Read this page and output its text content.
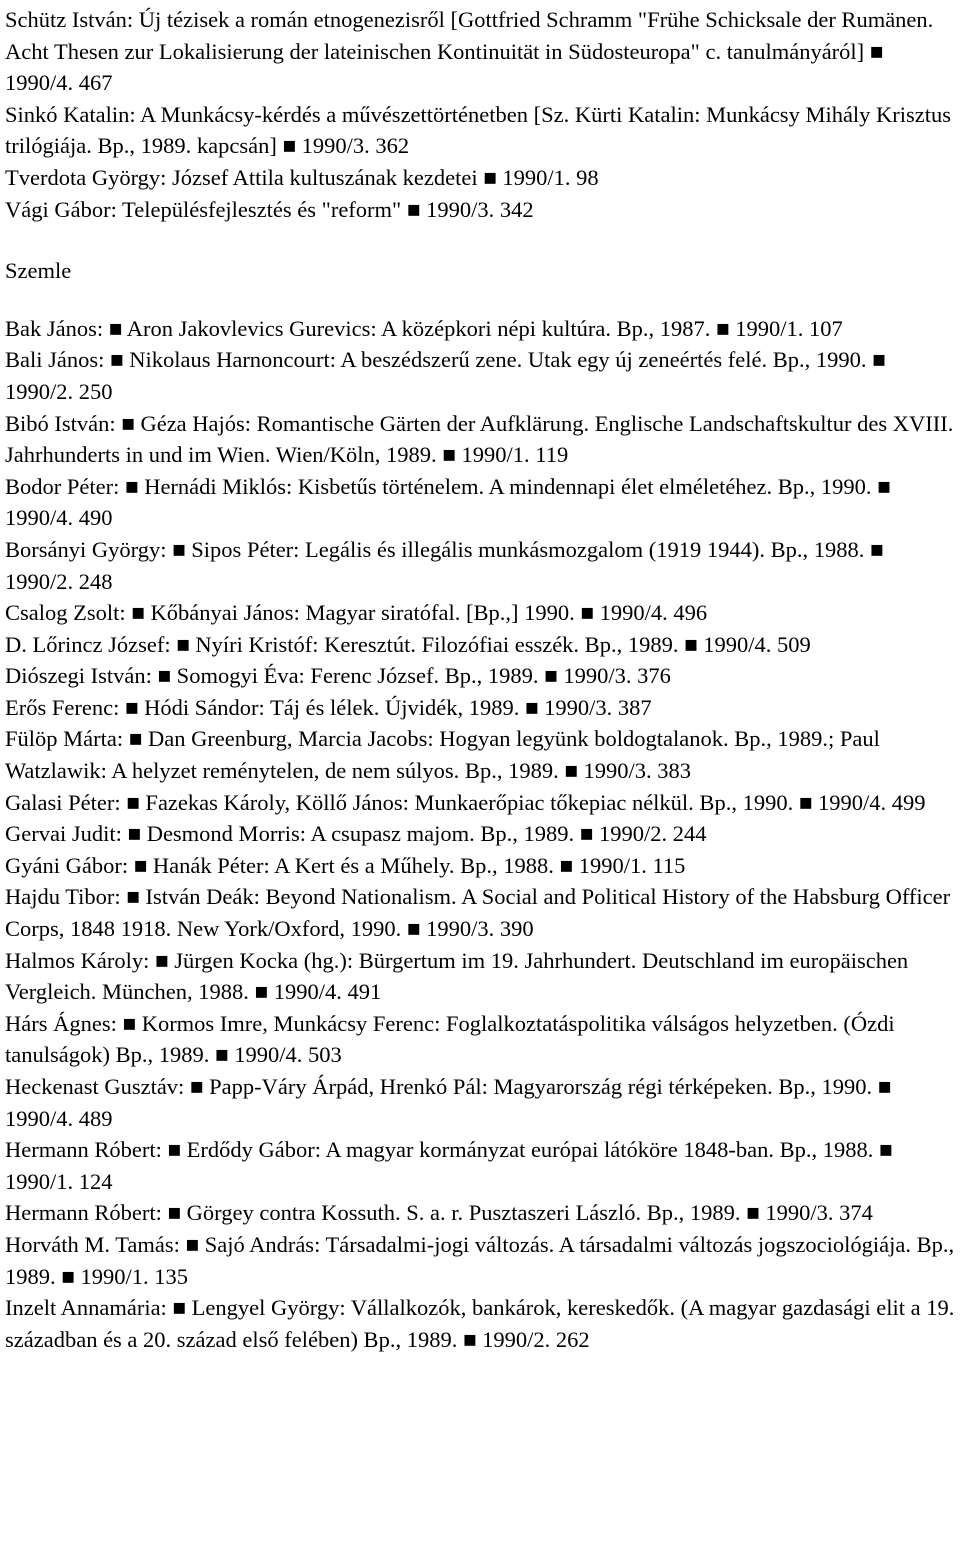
Schütz István: Új tézisek a román etnogenezisről [Gottfried Schramm "Frühe Schicksale der Rumänen. Acht Thesen zur Lokalisierung der lateinischen Kontinuität in Südosteuropa" c. tanulmányáról] ■ 1990/4. 467

Sinkó Katalin: A Munkácsy-kérdés a művészettörténetben [Sz. Kürti Katalin: Munkácsy Mihály Krisztus trilógiája. Bp., 1989. kapcsán] ■ 1990/3. 362

Tverdota György: József Attila kultuszának kezdetei ■ 1990/1. 98

Vági Gábor: Településfejlesztés és "reform" ■ 1990/3. 342

Szemle

Bak János: ■ Aron Jakovlevics Gurevics: A középkori népi kultúra. Bp., 1987. ■ 1990/1. 107

Bali János: ■ Nikolaus Harnoncourt: A beszédszerű zene. Utak egy új zeneértés felé. Bp., 1990. ■ 1990/2. 250

Bibó István: ■ Géza Hajós: Romantische Gärten der Aufklärung. Englische Landschaftskultur des XVIII. Jahrhunderts in und im Wien. Wien/Köln, 1989. ■ 1990/1. 119

Bodor Péter: ■ Hernádi Miklós: Kisbetűs történelem. A mindennapi élet elméletéhez. Bp., 1990. ■ 1990/4. 490

Borsányi György: ■ Sipos Péter: Legális és illegális munkásmozgalom (1919 1944). Bp., 1988. ■ 1990/2. 248

Csalog Zsolt: ■ Kőbányai János: Magyar siratófal. [Bp.,] 1990. ■ 1990/4. 496

D. Lőrincz József: ■ Nyíri Kristóf: Keresztút. Filozófiai esszék. Bp., 1989. ■ 1990/4. 509

Diószegi István: ■ Somogyi Éva: Ferenc József. Bp., 1989. ■ 1990/3. 376

Erős Ferenc: ■ Hódi Sándor: Táj és lélek. Újvidék, 1989. ■ 1990/3. 387

Fülöp Márta: ■ Dan Greenburg, Marcia Jacobs: Hogyan legyünk boldogtalanok. Bp., 1989.; Paul Watzlawik: A helyzet reménytelen, de nem súlyos. Bp., 1989. ■ 1990/3. 383

Galasi Péter: ■ Fazekas Károly, Köllő János: Munkaerőpiac tőkepiac nélkül. Bp., 1990. ■ 1990/4. 499

Gervai Judit: ■ Desmond Morris: A csupasz majom. Bp., 1989. ■ 1990/2. 244

Gyáni Gábor: ■ Hanák Péter: A Kert és a Műhely. Bp., 1988. ■ 1990/1. 115

Hajdu Tibor: ■ István Deák: Beyond Nationalism. A Social and Political History of the Habsburg Officer Corps, 1848 1918. New York/Oxford, 1990. ■ 1990/3. 390

Halmos Károly: ■ Jürgen Kocka (hg.): Bürgertum im 19. Jahrhundert. Deutschland im europäischen Vergleich. München, 1988. ■ 1990/4. 491

Hárs Ágnes: ■ Kormos Imre, Munkácsy Ferenc: Foglalkoztatáspolitika válságos helyzetben. (Ózdi tanulságok) Bp., 1989. ■ 1990/4. 503

Heckenast Gusztáv: ■ Papp-Váry Árpád, Hrenkó Pál: Magyarország régi térképeken. Bp., 1990. ■ 1990/4. 489

Hermann Róbert: ■ Erdődy Gábor: A magyar kormányzat európai látóköre 1848-ban. Bp., 1988. ■ 1990/1. 124

Hermann Róbert: ■ Görgey contra Kossuth. S. a. r. Pusztaszeri László. Bp., 1989. ■ 1990/3. 374

Horváth M. Tamás: ■ Sajó András: Társadalmi-jogi változás. A társadalmi változás jogszociológiája. Bp., 1989. ■ 1990/1. 135

Inzelt Annamária: ■ Lengyel György: Vállalkozók, bankárok, kereskedők. (A magyar gazdasági elit a 19. században és a 20. század első felében) Bp., 1989. ■ 1990/2. 262
